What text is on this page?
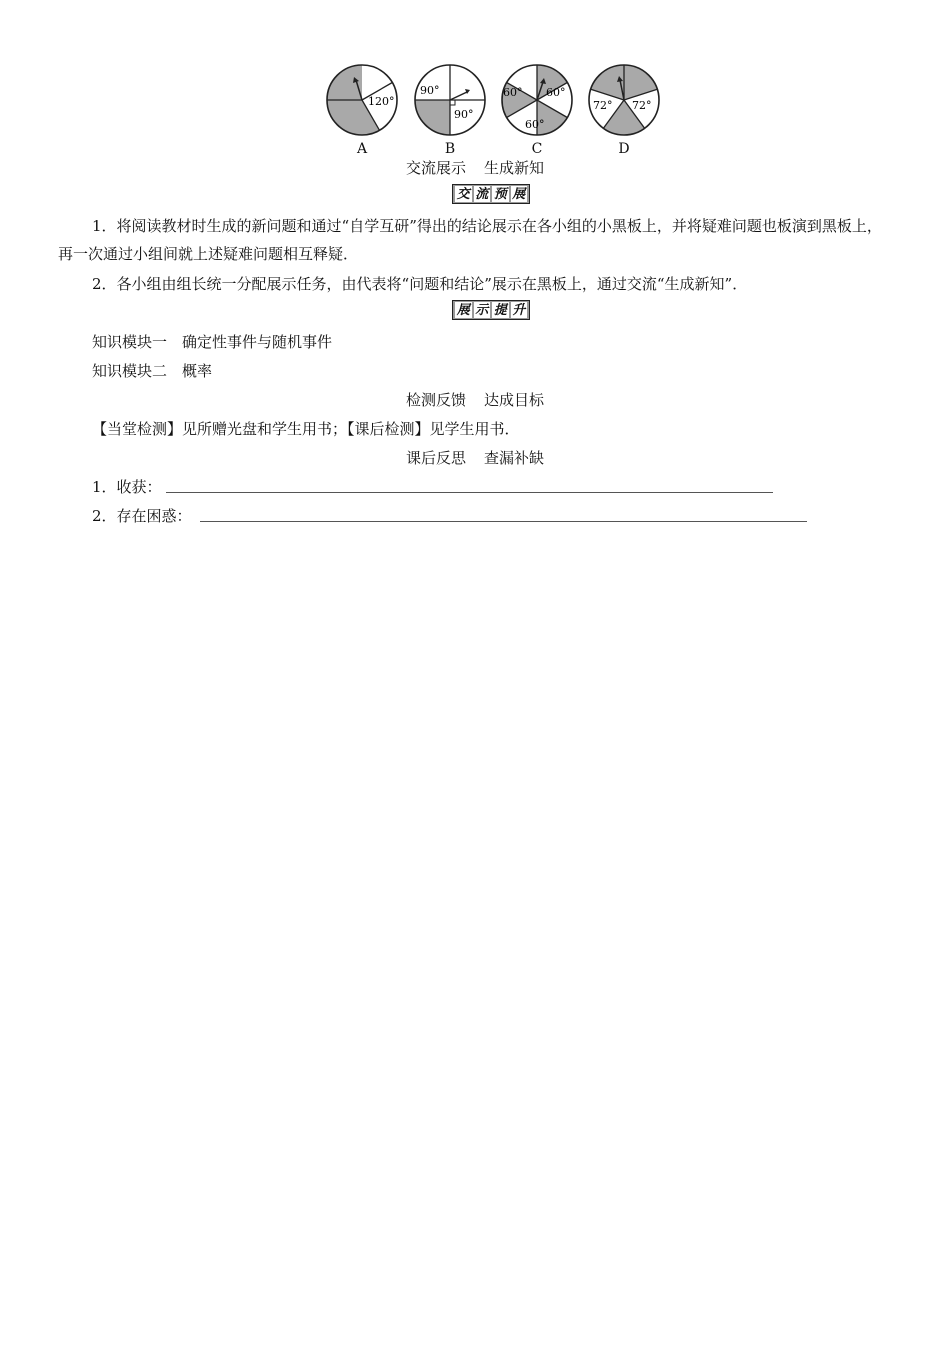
120°
A
90°
90°
B
60° 60°
60°
C
72° 72°
D
交流展示 生成新知
交 流 预 展
1．将阅读教材时生成的新问题和通过“自学互研”得出的结论展示在各小组的小黑板上，并将疑难问题也板演到黑板上，再一次通过小组间就上述疑难问题相互释疑．
2．各小组由组长统一分配展示任务，由代表将“问题和结论”展示在黑板上，通过交流“生成新知”．
展 示 提 升
知识模块一　确定性事件与随机事件
知识模块二　概率
检测反馈 达成目标
【当堂检测】见所赠光盘和学生用书；【课后检测】见学生用书．
课后反思 查漏补缺
1．收获：
2．存在困惑：
